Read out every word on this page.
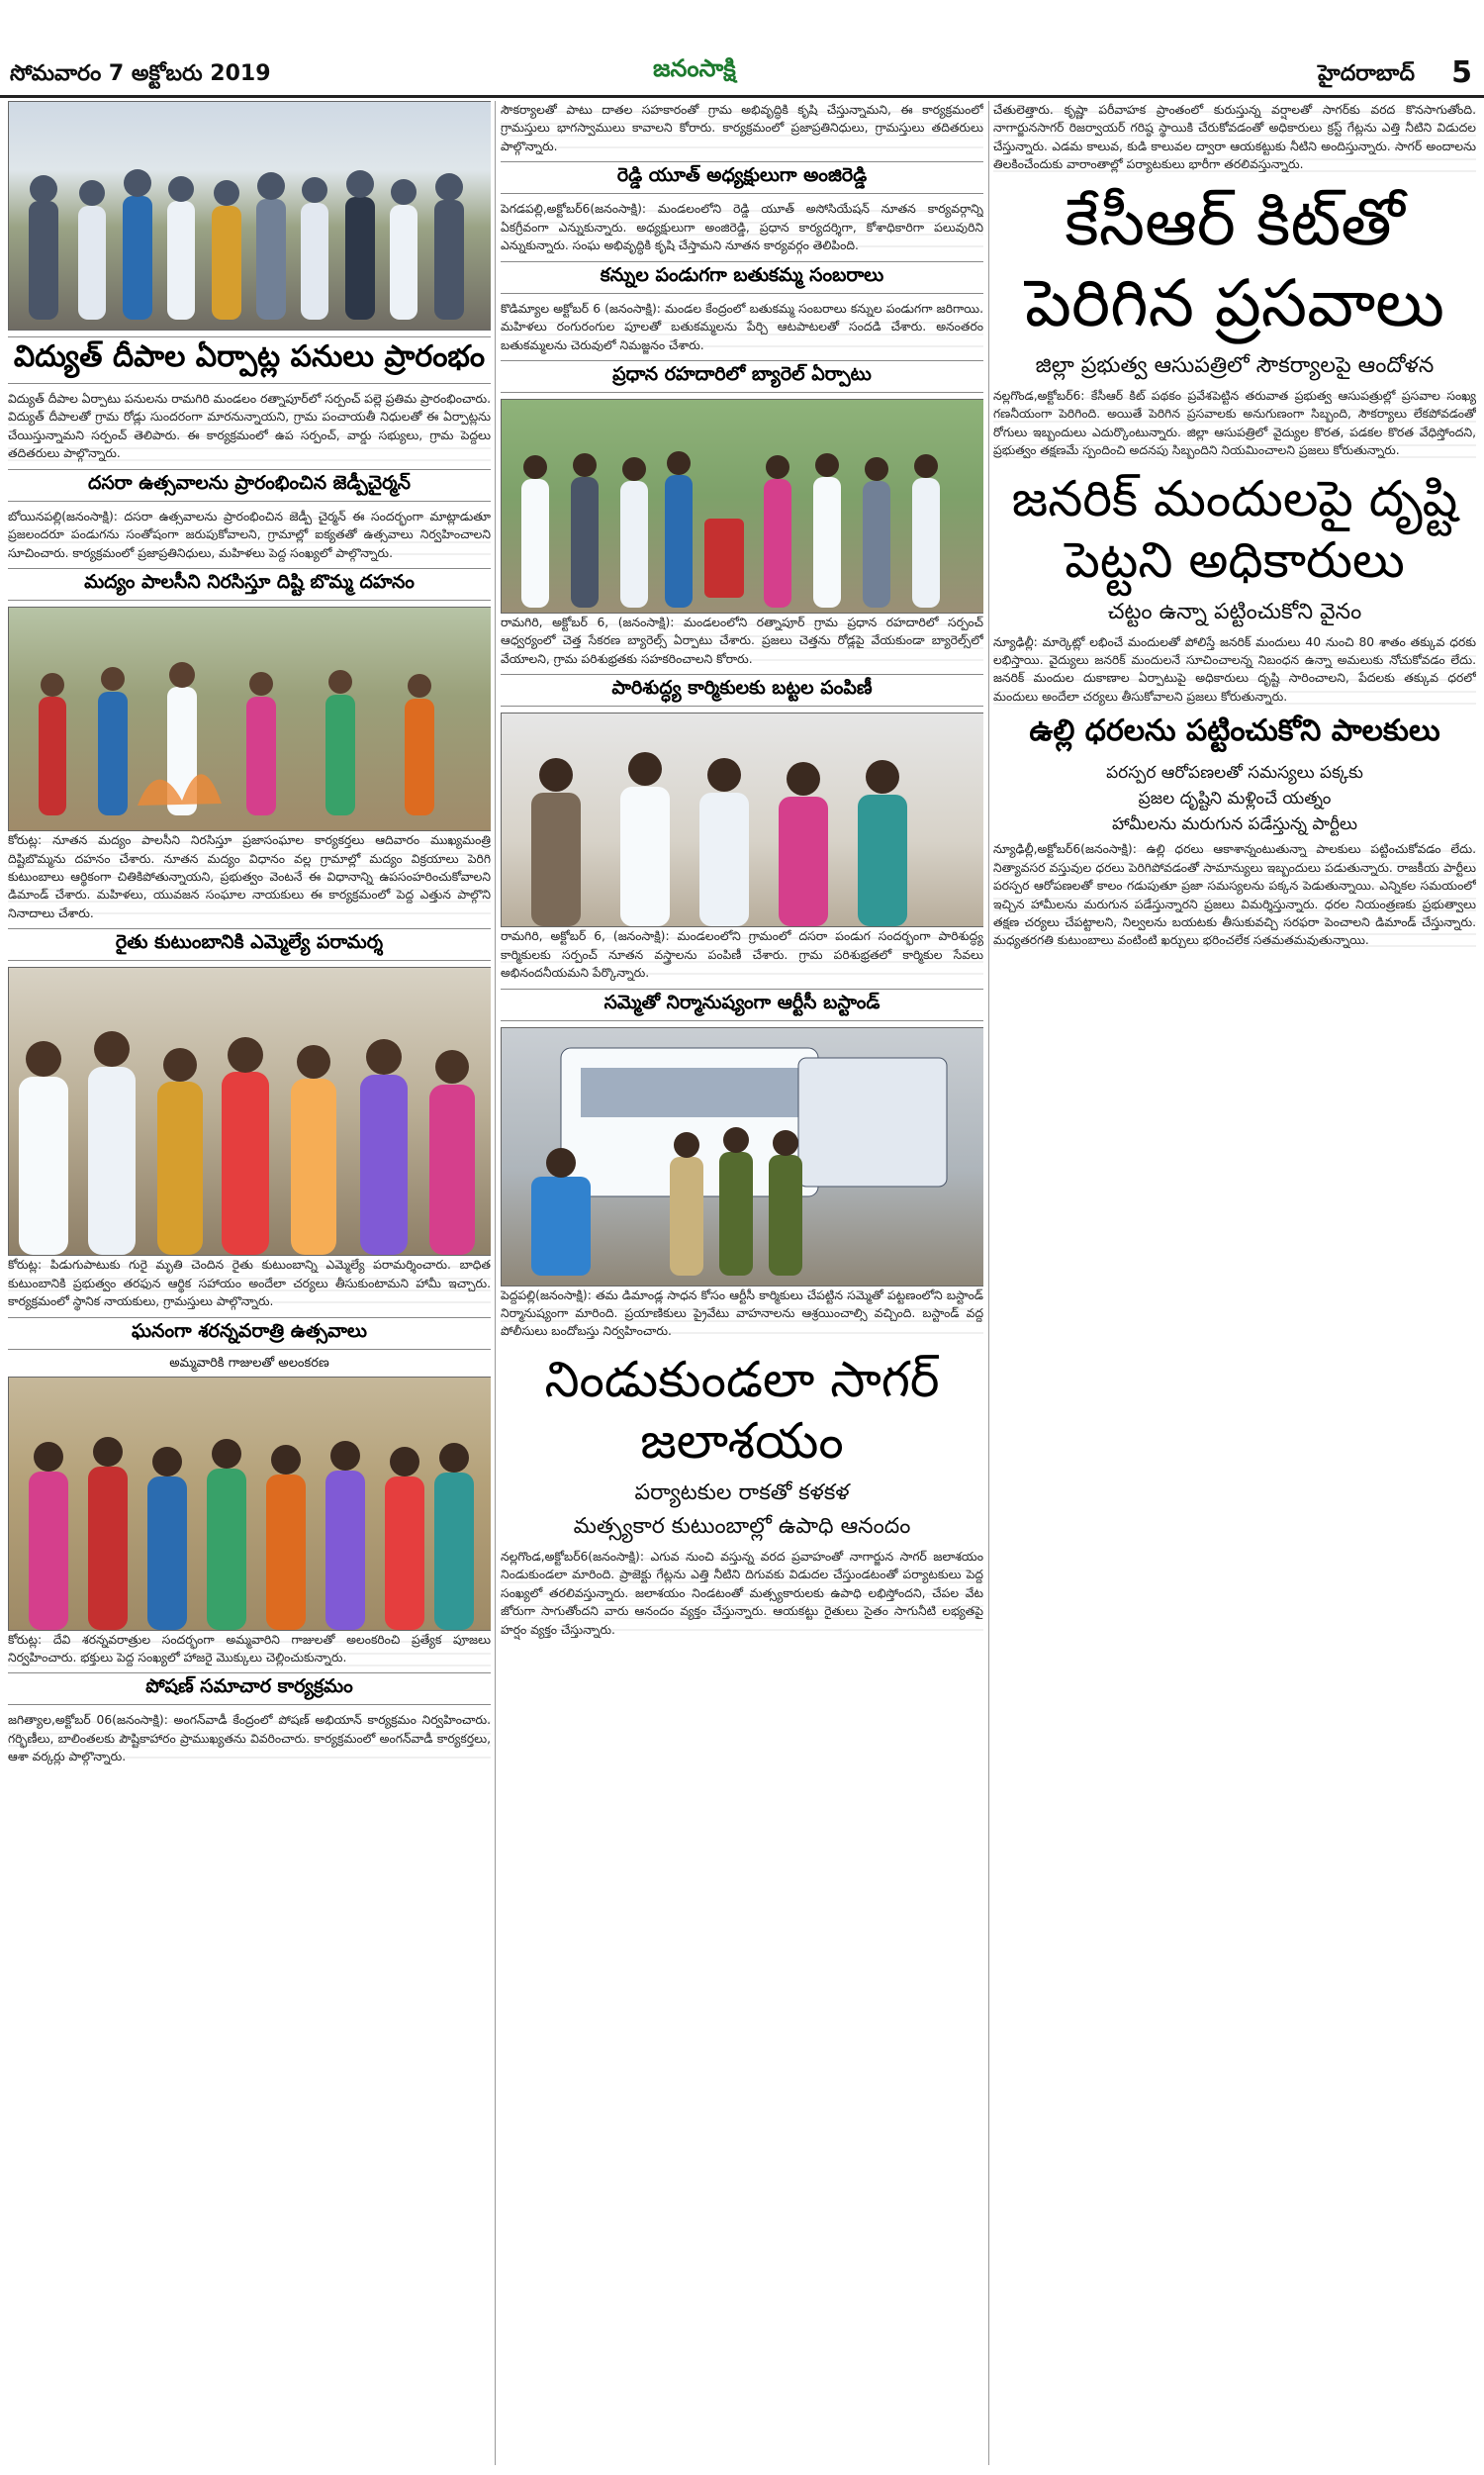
సోమవారం 7 అక్టోబరు 2019	జనంసాక్షి	హైదరాబాద్ 5
విద్యుత్ దీపాల ఏర్పాట్ల పనులు ప్రారంభం

విద్యుత్ దీపాల ఏర్పాటు పనులను రామగిరి మండలం రత్నాపూర్‌లో సర్పంచ్ పల్లె ప్రతిమ ప్రారంభించారు. విద్యుత్ దీపాలతో గ్రామ రోడ్లు సుందరంగా మారనున్నాయని, గ్రామ పంచాయతీ నిధులతో ఈ ఏర్పాట్లను చేయిస్తున్నామని సర్పంచ్ తెలిపారు. ఈ కార్యక్రమంలో ఉప సర్పంచ్, వార్డు సభ్యులు, గ్రామ పెద్దలు తదితరులు పాల్గొన్నారు.

దసరా ఉత్సవాలను ప్రారంభించిన జెడ్పీచైర్మన్

బోయినపల్లి(జనంసాక్షి): దసరా ఉత్సవాలను ప్రారంభించిన జెడ్పీ చైర్మన్ ఈ సందర్భంగా మాట్లాడుతూ ప్రజలందరూ పండుగను సంతోషంగా జరుపుకోవాలని, గ్రామాల్లో ఐక్యతతో ఉత్సవాలు నిర్వహించాలని సూచించారు. కార్యక్రమంలో ప్రజాప్రతినిధులు, మహిళలు పెద్ద సంఖ్యలో పాల్గొన్నారు.

మద్యం పాలసీని నిరసిస్తూ దిష్టి బొమ్మ దహనం

కోరుట్ల: నూతన మద్యం పాలసీని నిరసిస్తూ ప్రజాసంఘాల కార్యకర్తలు ఆదివారం ముఖ్యమంత్రి దిష్టిబొమ్మను దహనం చేశారు. నూతన మద్యం విధానం వల్ల గ్రామాల్లో మద్యం విక్రయాలు పెరిగి కుటుంబాలు ఆర్థికంగా చితికిపోతున్నాయని, ప్రభుత్వం వెంటనే ఈ విధానాన్ని ఉపసంహరించుకోవాలని డిమాండ్ చేశారు. మహిళలు, యువజన సంఘాల నాయకులు ఈ కార్యక్రమంలో పెద్ద ఎత్తున పాల్గొని నినాదాలు చేశారు.

రైతు కుటుంబానికి ఎమ్మెల్యే పరామర్శ

కోరుట్ల: పిడుగుపాటుకు గురై మృతి చెందిన రైతు కుటుంబాన్ని ఎమ్మెల్యే పరామర్శించారు. బాధిత కుటుంబానికి ప్రభుత్వం తరఫున ఆర్థిక సహాయం అందేలా చర్యలు తీసుకుంటామని హామీ ఇచ్చారు. కార్యక్రమంలో స్థానిక నాయకులు, గ్రామస్తులు పాల్గొన్నారు.

ఘనంగా శరన్నవరాత్రి ఉత్సవాలు
అమ్మవారికి గాజులతో అలంకరణ

కోరుట్ల: దేవి శరన్నవరాత్రుల సందర్భంగా అమ్మవారిని గాజులతో అలంకరించి ప్రత్యేక పూజలు నిర్వహించారు. భక్తులు పెద్ద సంఖ్యలో హాజరై మొక్కులు చెల్లించుకున్నారు.

పోషణ్ సమాచార కార్యక్రమం

జగిత్యాల,అక్టోబర్ 06(జనంసాక్షి): అంగన్‌వాడీ కేంద్రంలో పోషణ్ అభియాన్ కార్యక్రమం నిర్వహించారు. గర్భిణీలు, బాలింతలకు పౌష్టికాహారం ప్రాముఖ్యతను వివరించారు. కార్యక్రమంలో అంగన్‌వాడీ కార్యకర్తలు, ఆశా వర్కర్లు పాల్గొన్నారు.

సౌకర్యాలతో పాటు దాతల సహకారంతో గ్రామ అభివృద్ధికి కృషి చేస్తున్నామని, ఈ కార్యక్రమంలో గ్రామస్తులు భాగస్వాములు కావాలని కోరారు. కార్యక్రమంలో ప్రజాప్రతినిధులు, గ్రామస్తులు తదితరులు పాల్గొన్నారు.

రెడ్డి యూత్ అధ్యక్షులుగా అంజిరెడ్డి

పెగడపల్లి,అక్టోబర్6(జనంసాక్షి): మండలంలోని రెడ్డి యూత్ అసోసియేషన్ నూతన కార్యవర్గాన్ని ఏకగ్రీవంగా ఎన్నుకున్నారు. అధ్యక్షులుగా అంజిరెడ్డి, ప్రధాన కార్యదర్శిగా, కోశాధికారిగా పలువురిని ఎన్నుకున్నారు. సంఘ అభివృద్ధికి కృషి చేస్తామని నూతన కార్యవర్గం తెలిపింది.

కన్నుల పండుగగా బతుకమ్మ సంబరాలు

కొడిమ్యాల అక్టోబర్ 6 (జనంసాక్షి): మండల కేంద్రంలో బతుకమ్మ సంబరాలు కన్నుల పండుగగా జరిగాయి. మహిళలు రంగురంగుల పూలతో బతుకమ్మలను పేర్చి ఆటపాటలతో సందడి చేశారు. అనంతరం బతుకమ్మలను చెరువులో నిమజ్జనం చేశారు.

ప్రధాన రహదారిలో బ్యారెల్ ఏర్పాటు

రామగిరి, అక్టోబర్ 6, (జనంసాక్షి): మండలంలోని రత్నాపూర్ గ్రామ ప్రధాన రహదారిలో సర్పంచ్ ఆధ్వర్యంలో చెత్త సేకరణ బ్యారెల్స్ ఏర్పాటు చేశారు. ప్రజలు చెత్తను రోడ్లపై వేయకుండా బ్యారెల్స్‌లో వేయాలని, గ్రామ పరిశుభ్రతకు సహకరించాలని కోరారు.

పారిశుద్ధ్య కార్మికులకు బట్టల పంపిణీ

రామగిరి, అక్టోబర్ 6, (జనంసాక్షి): మండలంలోని గ్రామంలో దసరా పండుగ సందర్భంగా పారిశుద్ధ్య కార్మికులకు సర్పంచ్ నూతన వస్త్రాలను పంపిణీ చేశారు. గ్రామ పరిశుభ్రతలో కార్మికుల సేవలు అభినందనీయమని పేర్కొన్నారు.

సమ్మెతో నిర్మానుష్యంగా ఆర్టీసీ బస్టాండ్

పెద్దపల్లి(జనంసాక్షి): తమ డిమాండ్ల సాధన కోసం ఆర్టీసీ కార్మికులు చేపట్టిన సమ్మెతో పట్టణంలోని బస్టాండ్ నిర్మానుష్యంగా మారింది. ప్రయాణికులు ప్రైవేటు వాహనాలను ఆశ్రయించాల్సి వచ్చింది. బస్టాండ్ వద్ద పోలీసులు బందోబస్తు నిర్వహించారు.

నిండుకుండలా సాగర్ జలాశయం
పర్యాటకుల రాకతో కళకళ
మత్స్యకార కుటుంబాల్లో ఉపాధి ఆనందం

నల్లగొండ,అక్టోబర్6(జనంసాక్షి): ఎగువ నుంచి వస్తున్న వరద ప్రవాహంతో నాగార్జున సాగర్ జలాశయం నిండుకుండలా మారింది. ప్రాజెక్టు గేట్లను ఎత్తి నీటిని దిగువకు విడుదల చేస్తుండటంతో పర్యాటకులు పెద్ద సంఖ్యలో తరలివస్తున్నారు. జలాశయం నిండటంతో మత్స్యకారులకు ఉపాధి లభిస్తోందని, చేపల వేట జోరుగా సాగుతోందని వారు ఆనందం వ్యక్తం చేస్తున్నారు. ఆయకట్టు రైతులు సైతం సాగునీటి లభ్యతపై హర్షం వ్యక్తం చేస్తున్నారు.

చేతులెత్తారు. కృష్ణా పరీవాహక ప్రాంతంలో కురుస్తున్న వర్షాలతో సాగర్‌కు వరద కొనసాగుతోంది. నాగార్జునసాగర్ రిజర్వాయర్ గరిష్ఠ స్థాయికి చేరుకోవడంతో అధికారులు క్రస్ట్ గేట్లను ఎత్తి నీటిని విడుదల చేస్తున్నారు. ఎడమ కాలువ, కుడి కాలువల ద్వారా ఆయకట్టుకు నీటిని అందిస్తున్నారు. సాగర్ అందాలను తిలకించేందుకు వారాంతాల్లో పర్యాటకులు భారీగా తరలివస్తున్నారు.

కేసీఆర్ కిట్‌తో పెరిగిన ప్రసవాలు
జిల్లా ప్రభుత్వ ఆసుపత్రిలో సౌకర్యాలపై ఆందోళన

నల్లగొండ,అక్టోబర్6: కేసీఆర్ కిట్ పథకం ప్రవేశపెట్టిన తరువాత ప్రభుత్వ ఆసుపత్రుల్లో ప్రసవాల సంఖ్య గణనీయంగా పెరిగింది. అయితే పెరిగిన ప్రసవాలకు అనుగుణంగా సిబ్బంది, సౌకర్యాలు లేకపోవడంతో రోగులు ఇబ్బందులు ఎదుర్కొంటున్నారు. జిల్లా ఆసుపత్రిలో వైద్యుల కొరత, పడకల కొరత వేధిస్తోందని, ప్రభుత్వం తక్షణమే స్పందించి అదనపు సిబ్బందిని నియమించాలని ప్రజలు కోరుతున్నారు.

జనరిక్ మందులపై దృష్టి పెట్టని అధికారులు
చట్టం ఉన్నా పట్టించుకోని వైనం

న్యూఢిల్లీ: మార్కెట్లో లభించే మందులతో పోలిస్తే జనరిక్ మందులు 40 నుంచి 80 శాతం తక్కువ ధరకు లభిస్తాయి. వైద్యులు జనరిక్ మందులనే సూచించాలన్న నిబంధన ఉన్నా అమలుకు నోచుకోవడం లేదు. జనరిక్ మందుల దుకాణాల ఏర్పాటుపై అధికారులు దృష్టి సారించాలని, పేదలకు తక్కువ ధరలో మందులు అందేలా చర్యలు తీసుకోవాలని ప్రజలు కోరుతున్నారు.

ఉల్లి ధరలను పట్టించుకోని పాలకులు
పరస్పర ఆరోపణలతో సమస్యలు పక్కకు
ప్రజల దృష్టిని మళ్లించే యత్నం
హామీలను మరుగున పడేస్తున్న పార్టీలు

న్యూఢిల్లీ,అక్టోబర్6(జనంసాక్షి): ఉల్లి ధరలు ఆకాశాన్నంటుతున్నా పాలకులు పట్టించుకోవడం లేదు. నిత్యావసర వస్తువుల ధరలు పెరిగిపోవడంతో సామాన్యులు ఇబ్బందులు పడుతున్నారు. రాజకీయ పార్టీలు పరస్పర ఆరోపణలతో కాలం గడుపుతూ ప్రజా సమస్యలను పక్కన పెడుతున్నాయి. ఎన్నికల సమయంలో ఇచ్చిన హామీలను మరుగున పడేస్తున్నారని ప్రజలు విమర్శిస్తున్నారు. ధరల నియంత్రణకు ప్రభుత్వాలు తక్షణ చర్యలు చేపట్టాలని, నిల్వలను బయటకు తీసుకువచ్చి సరఫరా పెంచాలని డిమాండ్ చేస్తున్నారు. మధ్యతరగతి కుటుంబాలు వంటింటి ఖర్చులు భరించలేక సతమతమవుతున్నాయి.
